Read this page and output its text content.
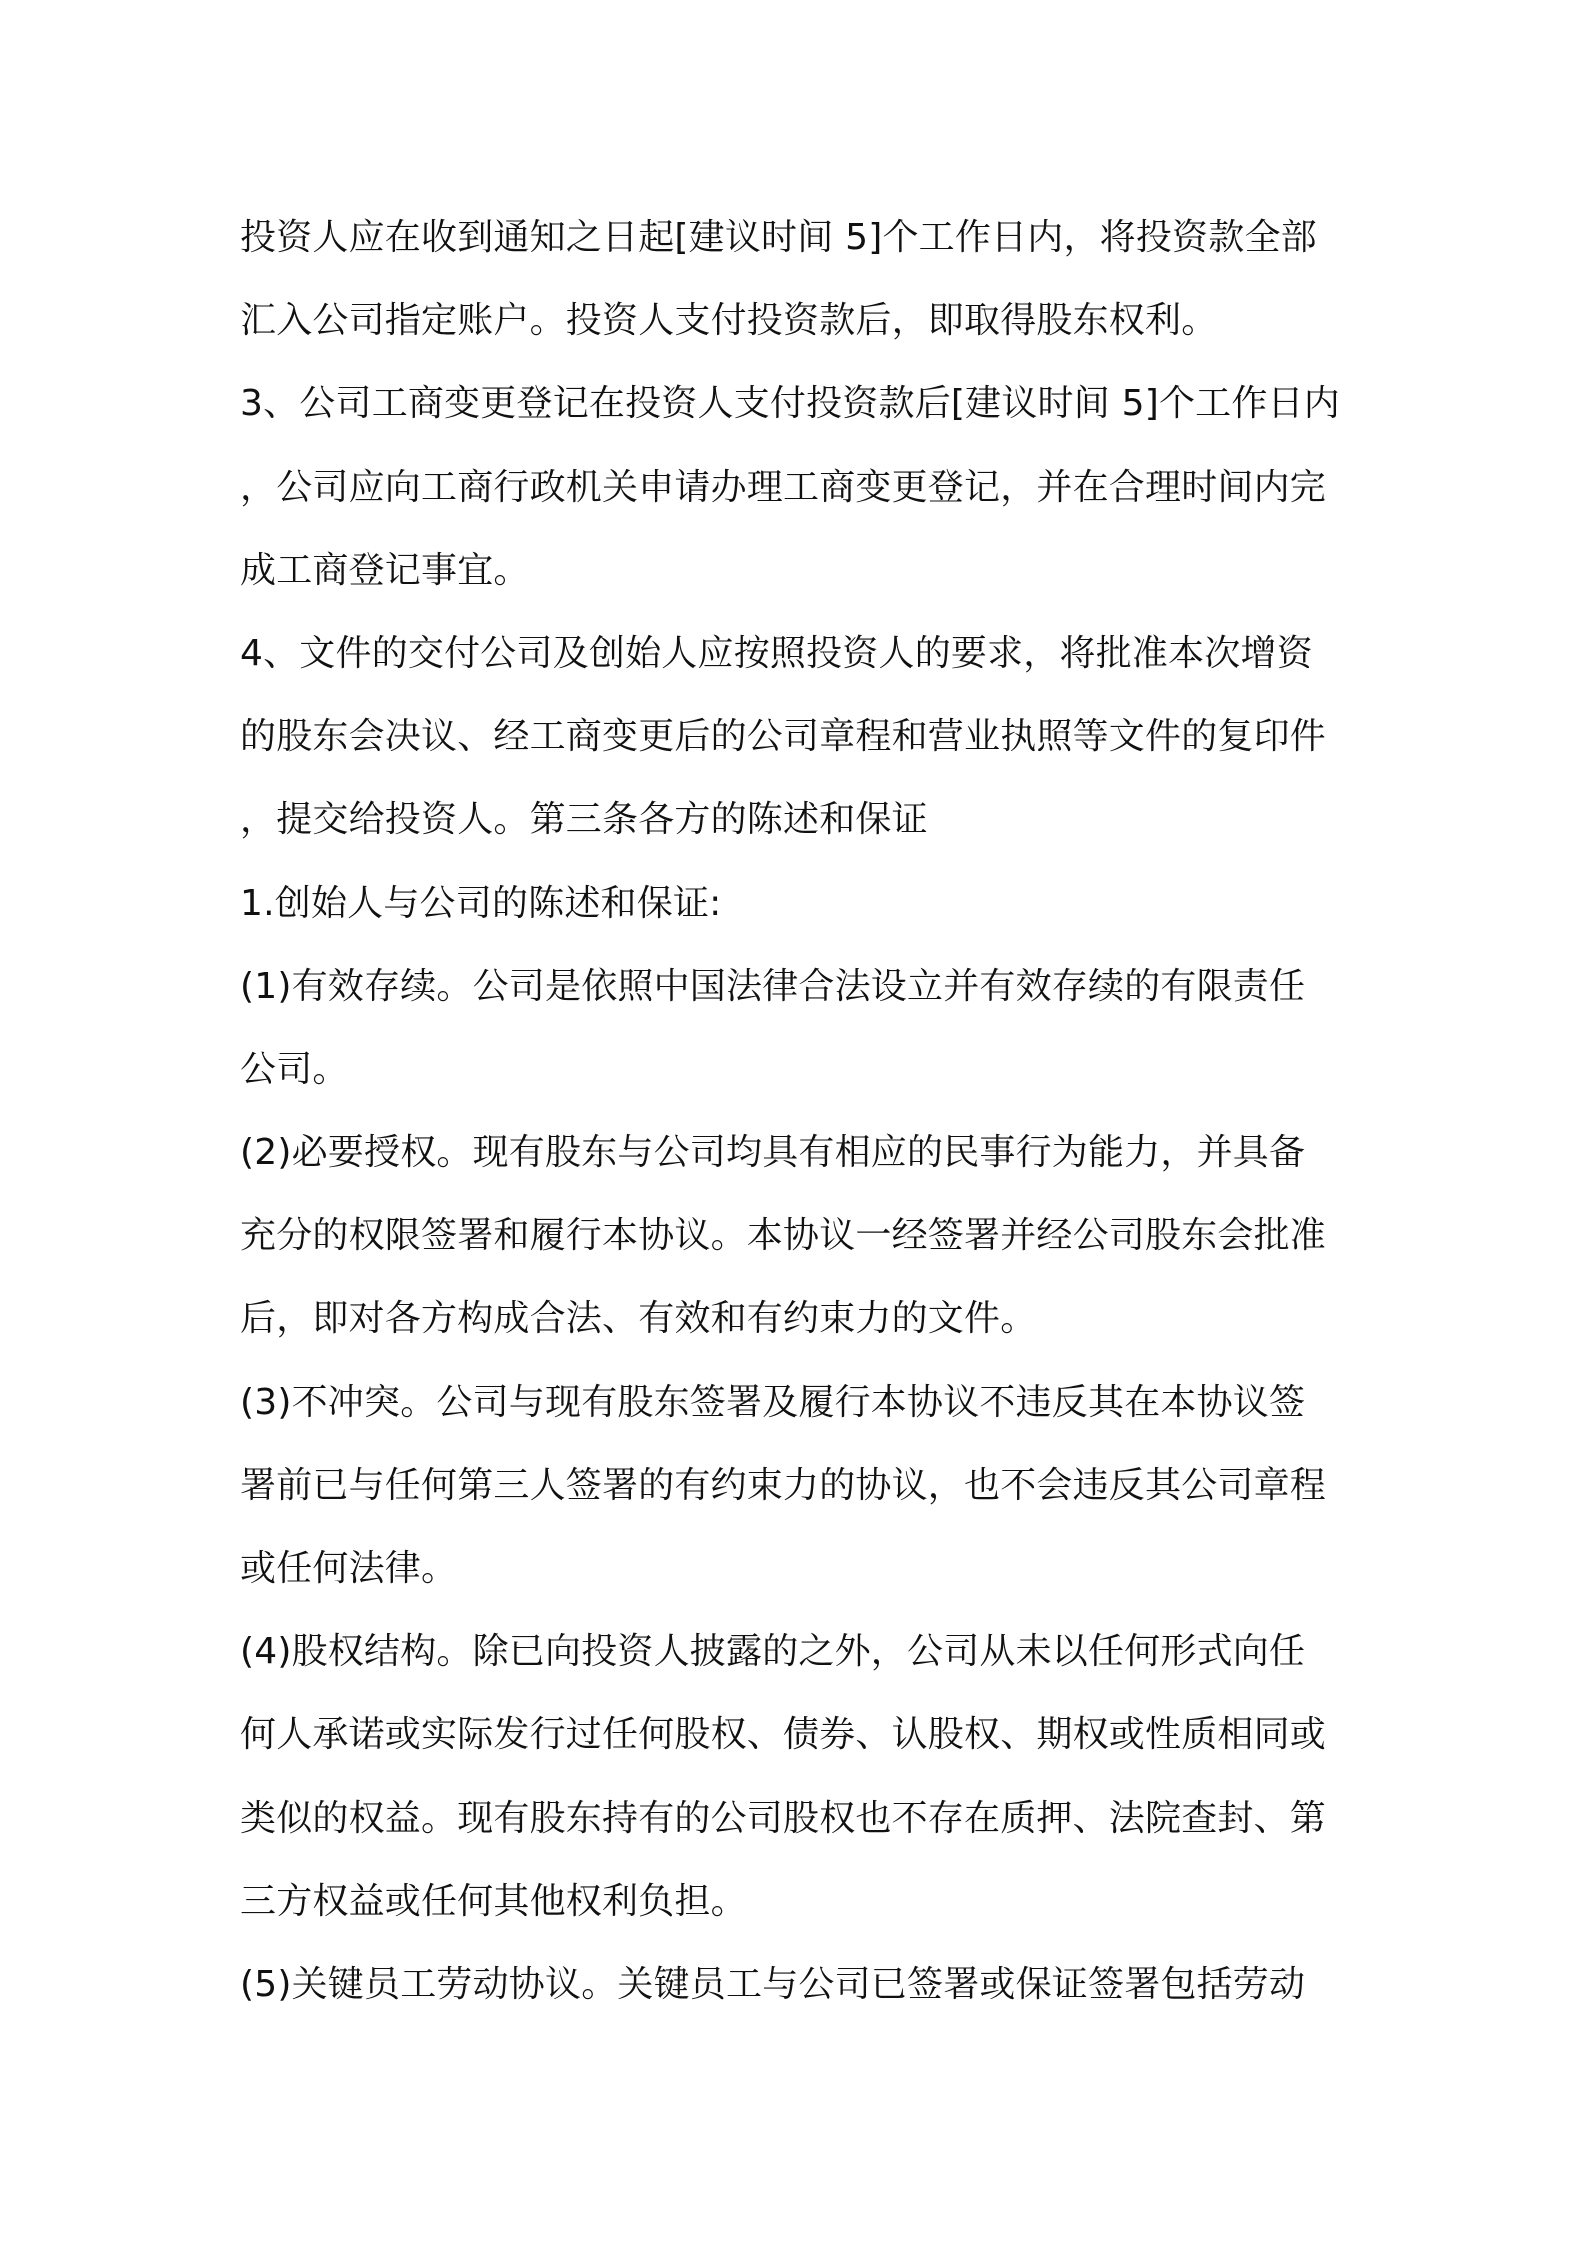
投资人应在收到通知之日起[建议时间 5]个工作日内，将投资款全部
汇入公司指定账户。投资人支付投资款后，即取得股东权利。
3、公司工商变更登记在投资人支付投资款后[建议时间 5]个工作日内
，公司应向工商行政机关申请办理工商变更登记，并在合理时间内完
成工商登记事宜。
4、文件的交付公司及创始人应按照投资人的要求，将批准本次增资
的股东会决议、经工商变更后的公司章程和营业执照等文件的复印件
，提交给投资人。第三条各方的陈述和保证
1.创始人与公司的陈述和保证:
(1)有效存续。公司是依照中国法律合法设立并有效存续的有限责任
公司。
(2)必要授权。现有股东与公司均具有相应的民事行为能力，并具备
充分的权限签署和履行本协议。本协议一经签署并经公司股东会批准
后，即对各方构成合法、有效和有约束力的文件。
(3)不冲突。公司与现有股东签署及履行本协议不违反其在本协议签
署前已与任何第三人签署的有约束力的协议，也不会违反其公司章程
或任何法律。
(4)股权结构。除已向投资人披露的之外，公司从未以任何形式向任
何人承诺或实际发行过任何股权、债券、认股权、期权或性质相同或
类似的权益。现有股东持有的公司股权也不存在质押、法院查封、第
三方权益或任何其他权利负担。
(5)关键员工劳动协议。关键员工与公司已签署或保证签署包括劳动
